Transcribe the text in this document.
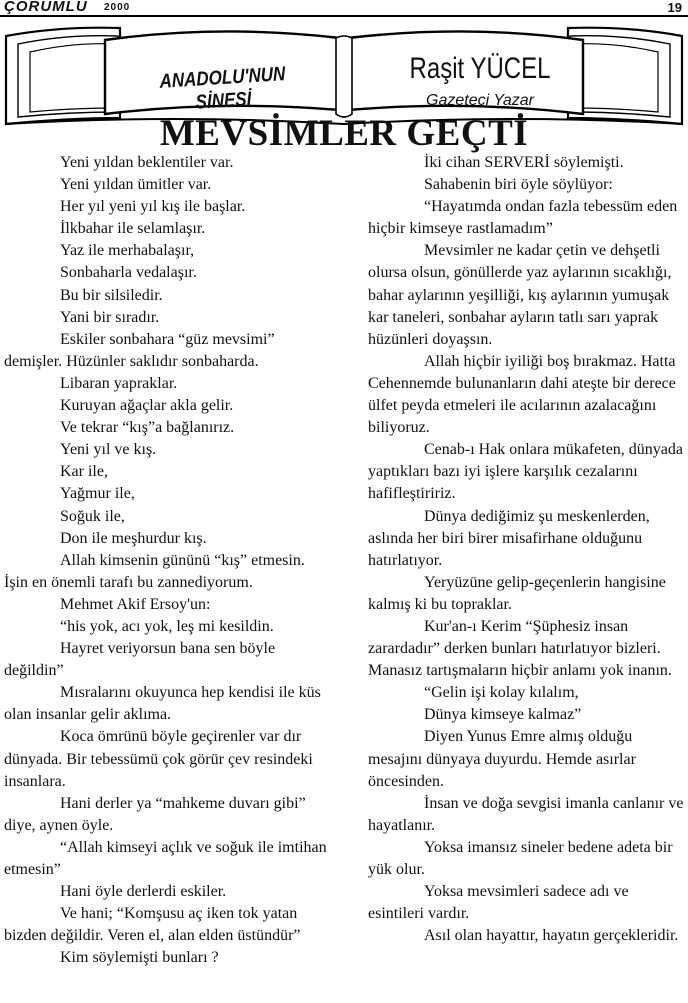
ÇORUMLU 2000	19
ANADOLU'NUN SİNESİ
Raşit YÜCEL
Gazeteci Yazar
MEVSİMLER GEÇTİ

Yeni yıldan beklentiler var.

Yeni yıldan ümitler var.

Her yıl yeni yıl kış ile başlar.

İlkbahar ile selamlaşır.

Yaz ile merhabalaşır,

Sonbaharla vedalaşır.

Bu bir silsiledir.

Yani bir sıradır.

Eskiler sonbahara “güz mevsimi” demişler. Hüzünler saklıdır sonbaharda.

Libaran yapraklar.

Kuruyan ağaçlar akla gelir.

Ve tekrar “kış”a bağlanırız.

Yeni yıl ve kış.

Kar ile,

Yağmur ile,

Soğuk ile,

Don ile meşhurdur kış.

Allah kimsenin gününü “kış” etmesin. İşin en önemli tarafı bu zannediyorum.

Mehmet Akif Ersoy'un:

“his yok, acı yok, leş mi kesildin.

Hayret veriyorsun bana sen böyle değildin”

Mısralarını okuyunca hep kendisi ile küs olan insanlar gelir aklıma.

Koca ömrünü böyle geçirenler var dır dünyada. Bir tebessümü çok görür çev resindeki insanlara.

Hani derler ya “mahkeme duvarı gibi” diye, aynen öyle.

“Allah kimseyi açlık ve soğuk ile imtihan etmesin”

Hani öyle derlerdi eskiler.

Ve hani; “Komşusu aç iken tok yatan bizden değildir. Veren el, alan elden üstündür”

Kim söylemişti bunları ?

İki cihan SERVERİ söylemişti.

Sahabenin biri öyle söylüyor:

“Hayatımda ondan fazla tebessüm eden hiçbir kimseye rastlamadım”

Mevsimler ne kadar çetin ve dehşetli olursa olsun, gönüllerde yaz aylarının sıcaklığı, bahar aylarının yeşilliği, kış aylarının yumuşak kar taneleri, sonbahar ayların tatlı sarı yaprak hüzünleri doyaşsın.

Allah hiçbir iyiliği boş bırakmaz. Hatta Cehennemde bulunanların dahi ateşte bir derece ülfet peyda etmeleri ile acılarının azalacağını biliyoruz.

Cenab-ı Hak onlara mükafeten, dünyada yaptıkları bazı iyi işlere karşılık cezalarını hafifleştiririz.

Dünya dediğimiz şu meskenlerden, aslında her biri birer misafirhane olduğunu hatırlatıyor.

Yeryüzüne gelip-geçenlerin hangisine kalmış ki bu topraklar.

Kur'an-ı Kerim “Şüphesiz insan zarardadır” derken bunları hatırlatıyor bizleri. Manasız tartışmaların hiçbir anlamı yok inanın.

“Gelin işi kolay kılalım,

Dünya kimseye kalmaz”

Diyen Yunus Emre almış olduğu mesajını dünyaya duyurdu. Hemde asırlar öncesinden.

İnsan ve doğa sevgisi imanla canlanır ve hayatlanır.

Yoksa imansız sineler bedene adeta bir yük olur.

Yoksa mevsimleri sadece adı ve esintileri vardır.

Asıl olan hayattır, hayatın gerçekleridir.
